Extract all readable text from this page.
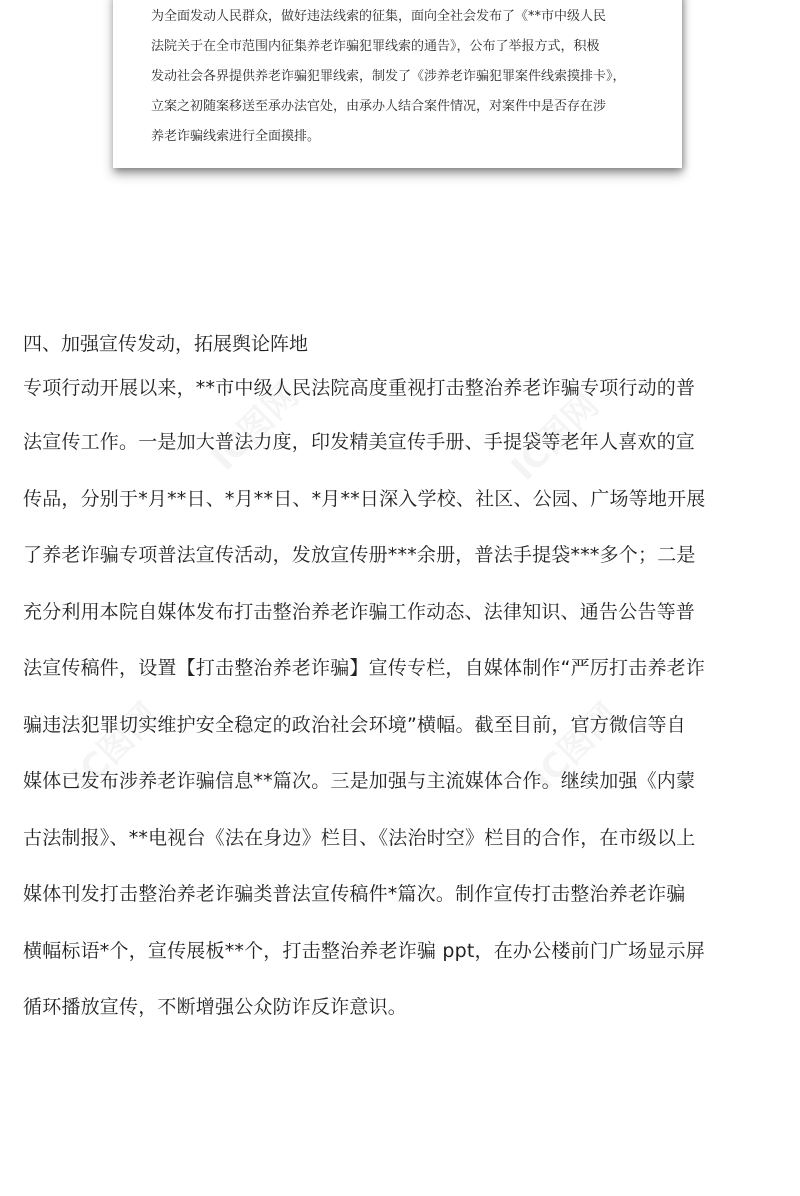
为全面发动人民群众，做好违法线索的征集，面向全社会发布了《**市中级人民

法院关于在全市范围内征集养老诈骗犯罪线索的通告》，公布了举报方式，积极

发动社会各界提供养老诈骗犯罪线索，制发了《涉养老诈骗犯罪案件线索摸排卡》，

立案之初随案移送至承办法官处，由承办人结合案件情况，对案件中是否存在涉

养老诈骗线索进行全面摸排。

四、加强宣传发动，拓展舆论阵地

专项行动开展以来，**市中级人民法院高度重视打击整治养老诈骗专项行动的普

法宣传工作。一是加大普法力度，印发精美宣传手册、手提袋等老年人喜欢的宣

传品，分别于*月**日、*月**日、*月**日深入学校、社区、公园、广场等地开展

了养老诈骗专项普法宣传活动，发放宣传册***余册，普法手提袋***多个；二是

充分利用本院自媒体发布打击整治养老诈骗工作动态、法律知识、通告公告等普

法宣传稿件，设置【打击整治养老诈骗】宣传专栏，自媒体制作“严厉打击养老诈

骗违法犯罪切实维护安全稳定的政治社会环境”横幅。截至目前，官方微信等自

媒体已发布涉养老诈骗信息**篇次。三是加强与主流媒体合作。继续加强《内蒙

古法制报》、**电视台《法在身边》栏目、《法治时空》栏目的合作，在市级以上

媒体刊发打击整治养老诈骗类普法宣传稿件*篇次。制作宣传打击整治养老诈骗

横幅标语*个，宣传展板**个，打击整治养老诈骗 ppt，在办公楼前门广场显示屏

循环播放宣传，不断增强公众防诈反诈意识。
